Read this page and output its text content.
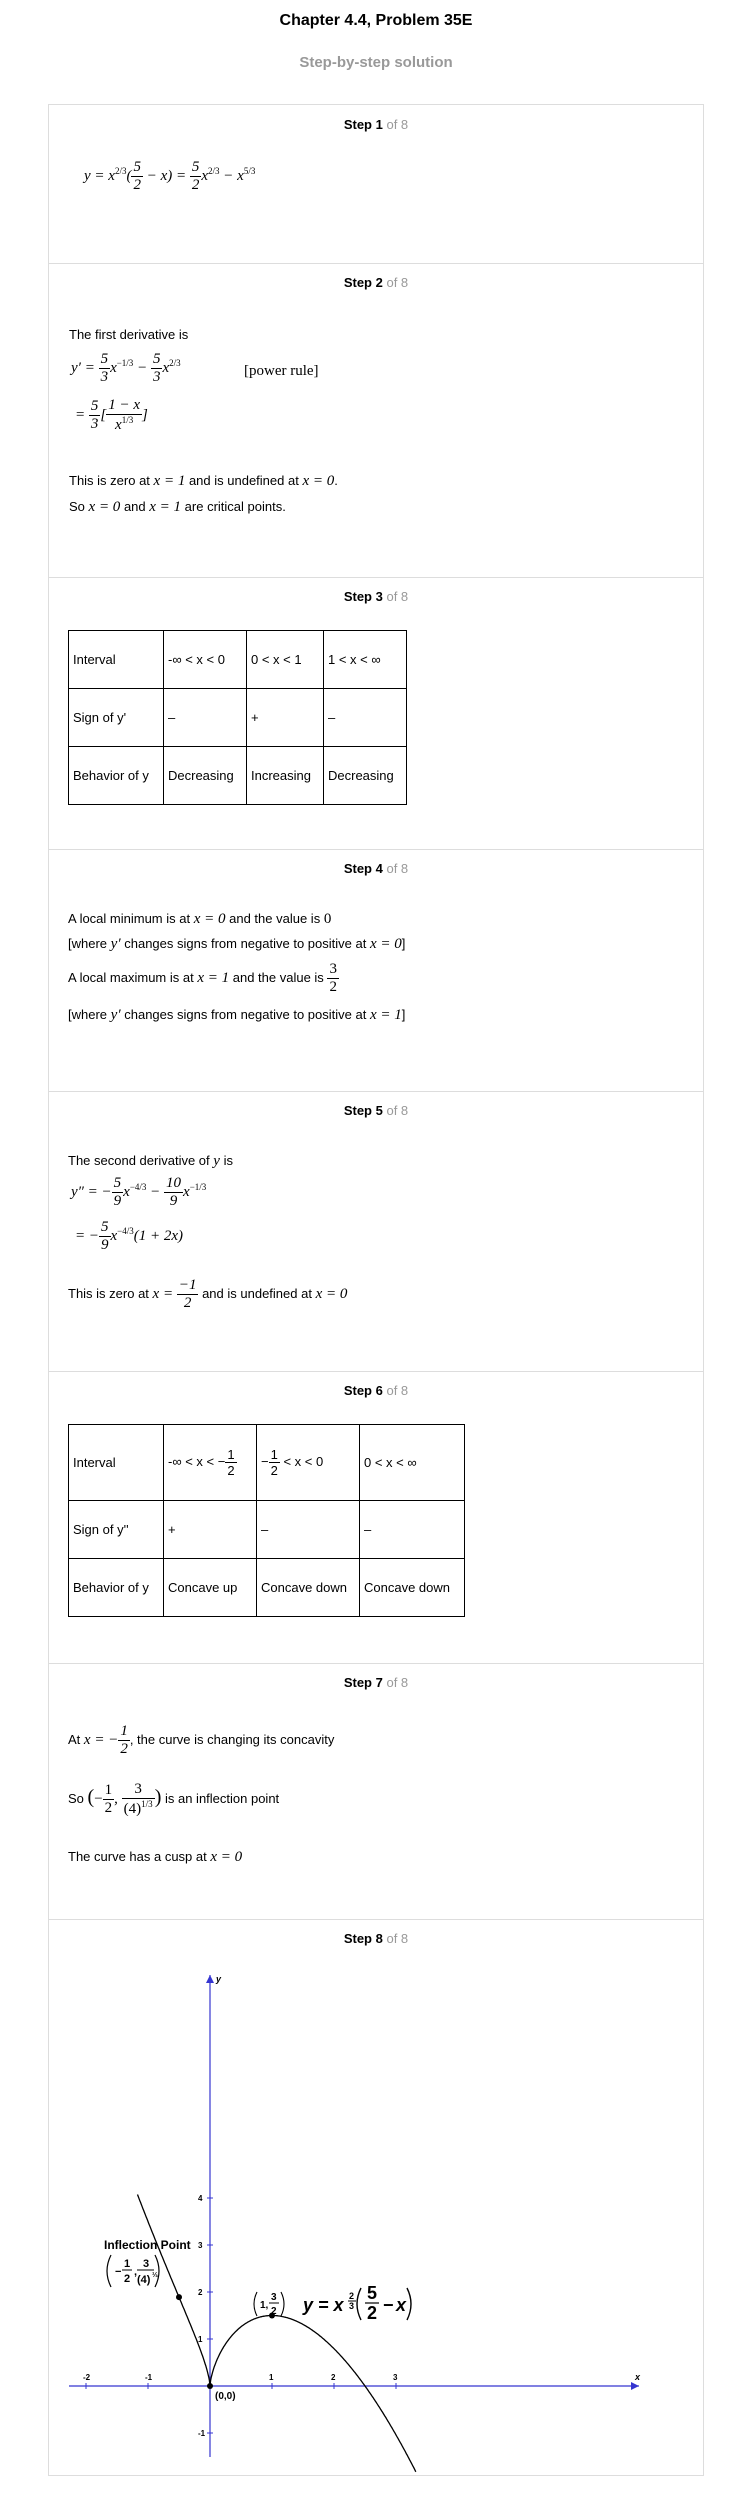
Chapter 4.4, Problem 35E
Step-by-step solution
Step 1 of 8
$y = x^{2/3}( \frac{5}{2} - x) = \frac{5}{2} x^{2/3} - x^{5/3}$
Step 2 of 8
The first derivative is
$y' = \frac{5}{3} x^{-1/3} - \frac{5}{3} x^{2/3}$
[power rule]
= $\frac{5}{3}$ [ $\frac{1 - x}{x^{1/3}}$ ]
This is zero at x = 1 and is undefined at x = 0.
So x = 0 and x = 1 are critical points.
Step 3 of 8
Interval	-∞ < x < 0	0 < x < 1	1 < x < ∞
Sign of y'	–	+	–
Behavior of y	Decreasing	Increasing	Decreasing
Step 4 of 8
A local minimum is at x = 0 and the value is 0
[where y′ changes signs from negative to positive at x = 0]
A local maximum is at x = 1 and the value is $\frac{3}{2}$
[where y′ changes signs from negative to positive at x = 1]
Step 5 of 8
The second derivative of y is
y″ = − $\frac{5}{9} x^{-4/3} - \frac{10}{9} x^{-1/3}$
= − $\frac{5}{9} x^{-4/3}(1 + 2x)$
This is zero at $x = \frac{-1}{2}$ and is undefined at x = 0
Step 6 of 8
Interval	-∞ < x < − $\frac{1}{2}$	− $\frac{1}{2} < x < 0$	0 < x < ∞
Sign of y''	+	–	–
Behavior of y	Concave up	Concave down	Concave down
Step 7 of 8
At x = − $\frac{1}{2}$ , the curve is changing its concavity
So (− $\frac{1}{2}$ , $\frac{3}{(4)^{1/3}}$ ) is an inflection point
The curve has a cusp at x = 0
Step 8 of 8
-2	-1	1	2	3
4
3
2
1
-1
x
y
(0,0)
Inflection Point
−
1
2
,
3
(4) ⅓
1,
3
2 y = x 2
3
5
2 − x
